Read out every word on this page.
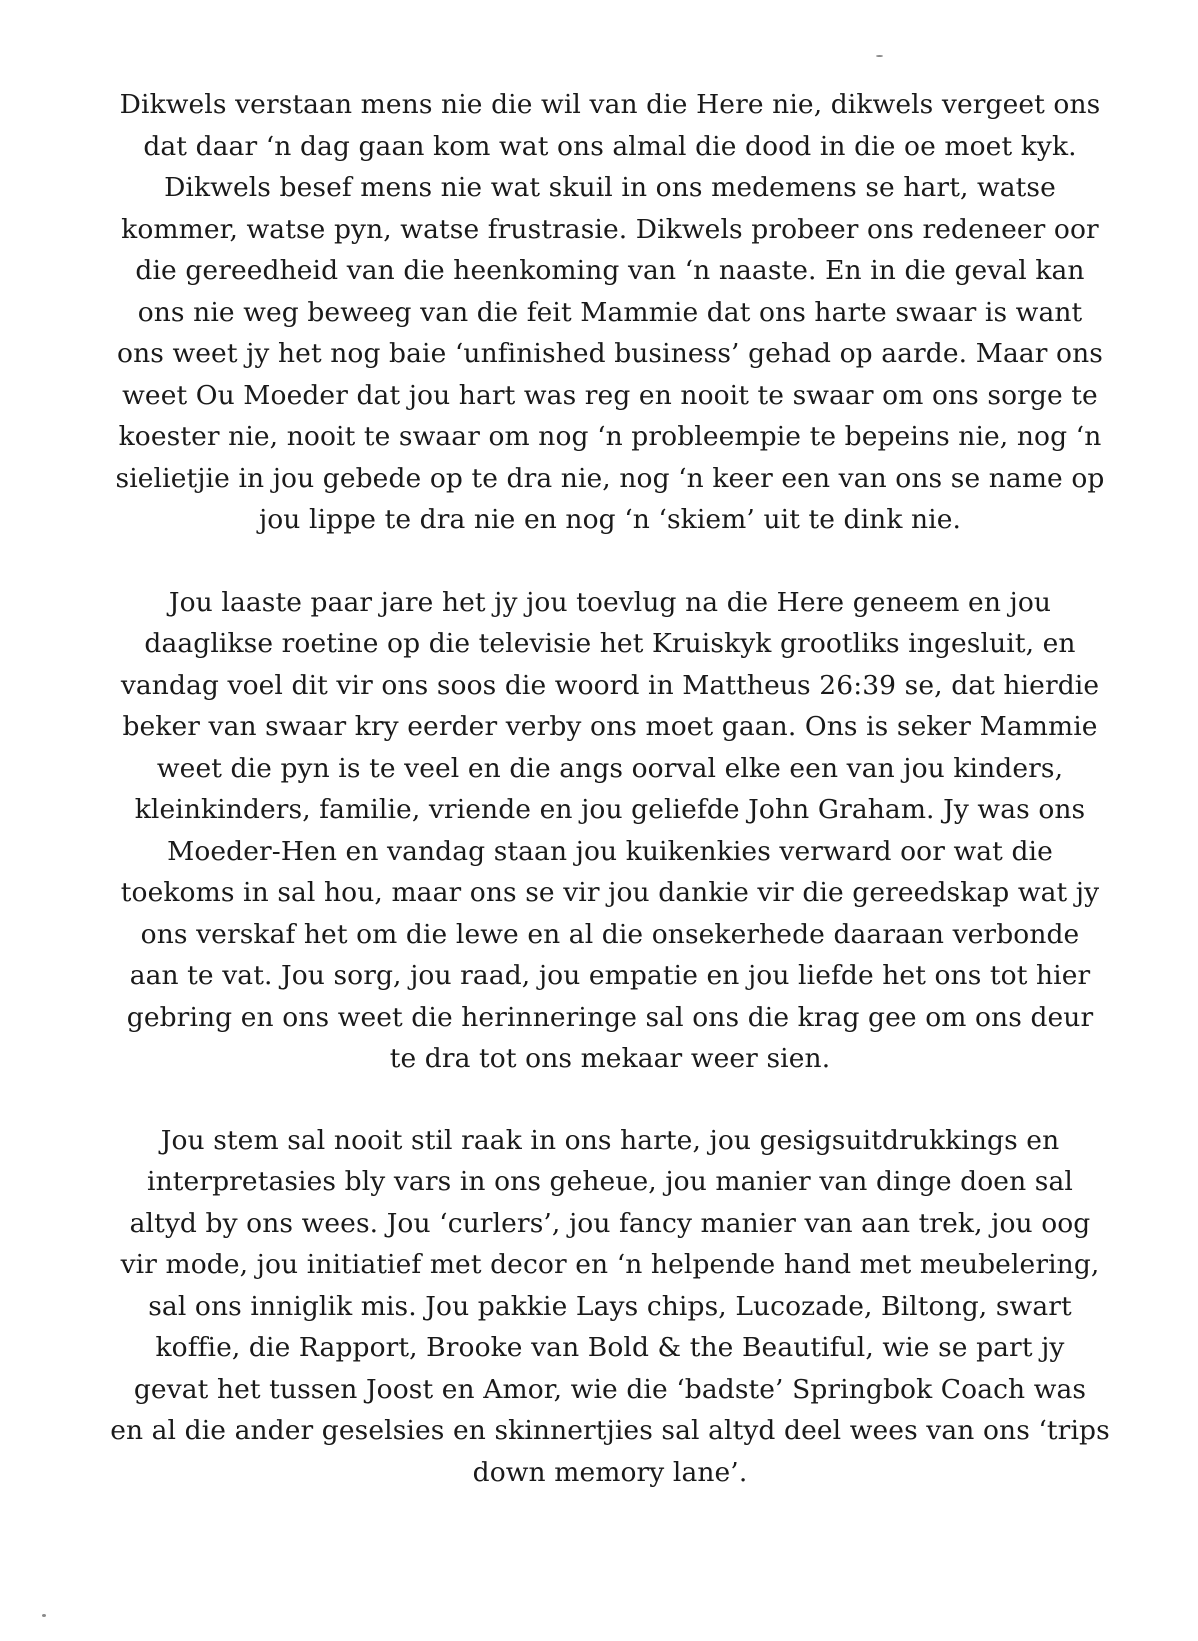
Dikwels verstaan mens nie die wil van die Here nie, dikwels vergeet ons
dat daar ‘n dag gaan kom wat ons almal die dood in die oe moet kyk.
Dikwels besef mens nie wat skuil in ons medemens se hart, watse
kommer, watse pyn, watse frustrasie. Dikwels probeer ons redeneer oor
die gereedheid van die heenkoming van ‘n naaste. En in die geval kan
ons nie weg beweeg van die feit Mammie dat ons harte swaar is want
ons weet jy het nog baie ‘unfinished business’ gehad op aarde. Maar ons
weet Ou Moeder dat jou hart was reg en nooit te swaar om ons sorge te
koester nie, nooit te swaar om nog ‘n probleempie te bepeins nie, nog ‘n
sielietjie in jou gebede op te dra nie, nog ‘n keer een van ons se name op
jou lippe te dra nie en nog ‘n ‘skiem’ uit te dink nie.

Jou laaste paar jare het jy jou toevlug na die Here geneem en jou
daaglikse roetine op die televisie het Kruiskyk grootliks ingesluit, en
vandag voel dit vir ons soos die woord in Mattheus 26:39 se, dat hierdie
beker van swaar kry eerder verby ons moet gaan. Ons is seker Mammie
weet die pyn is te veel en die angs oorval elke een van jou kinders,
kleinkinders, familie, vriende en jou geliefde John Graham. Jy was ons
Moeder-Hen en vandag staan jou kuikenkies verward oor wat die
toekoms in sal hou, maar ons se vir jou dankie vir die gereedskap wat jy
ons verskaf het om die lewe en al die onsekerhede daaraan verbonde
aan te vat. Jou sorg, jou raad, jou empatie en jou liefde het ons tot hier
gebring en ons weet die herinneringe sal ons die krag gee om ons deur
te dra tot ons mekaar weer sien.

Jou stem sal nooit stil raak in ons harte, jou gesigsuitdrukkings en
interpretasies bly vars in ons geheue, jou manier van dinge doen sal
altyd by ons wees. Jou ‘curlers’, jou fancy manier van aan trek, jou oog
vir mode, jou initiatief met decor en ‘n helpende hand met meubelering,
sal ons inniglik mis. Jou pakkie Lays chips, Lucozade, Biltong, swart
koffie, die Rapport, Brooke van Bold & the Beautiful, wie se part jy
gevat het tussen Joost en Amor, wie die ‘badste’ Springbok Coach was
en al die ander geselsies en skinnertjies sal altyd deel wees van ons ‘trips
down memory lane’.
